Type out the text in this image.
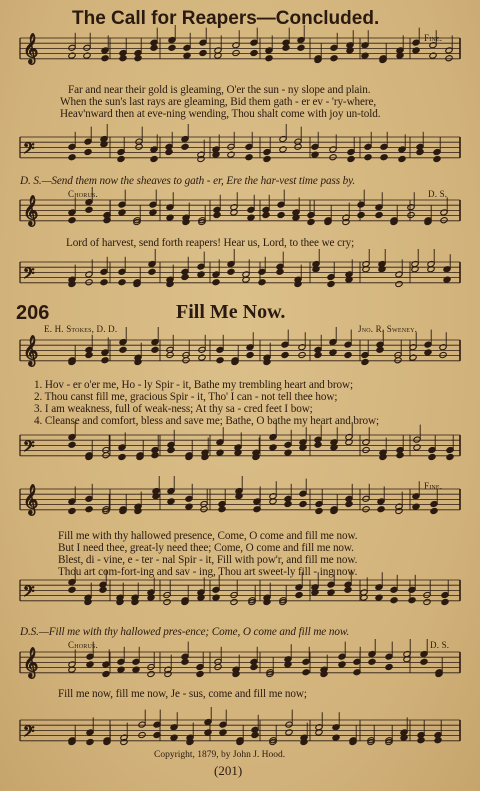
The Call for Reapers—Concluded.
𝄞
𝄢
𝄞
𝄢
𝄞
𝄢
𝄞
𝄢
𝄞
𝄢
Fine.
Far and near their gold is gleaming, O'er the sun - ny slope and plain.
When the sun's last rays are gleaming, Bid them gath - er ev - 'ry-where,
Heav'nward then at eve-ning wending, Thou shalt come with joy un-told.
D. S.—Send them now the sheaves to gath - er, Ere the har-vest time pass by.
Chorus.	D. S.
Lord of harvest, send forth reapers! Hear us, Lord, to thee we cry;
206	Fill Me Now.
E. H. Stokes, D. D.	Jno. R. Sweney.
1. Hov - er o'er me, Ho - ly Spir - it, Bathe my trembling heart and brow;
2. Thou canst fill me, gracious Spir - it, Tho' I can - not tell thee how;
3. I am weakness, full of weak-ness; At thy sa - cred feet I bow;
4. Cleanse and comfort, bless and save me; Bathe, O bathe my heart and brow;
Fine.
Fill me with thy hallowed presence, Come, O come and fill me now.
But I need thee, great-ly need thee; Come, O come and fill me now.
Blest, di - vine, e - ter - nal Spir - it, Fill with pow'r, and fill me now.
Thou art com-fort-ing and sav - ing, Thou art sweet-ly fill - ing now.
D.S.—Fill me with thy hallowed pres-ence; Come, O come and fill me now.
Chorus.	D. S.
Fill me now, fill me now, Je - sus, come and fill me now;
Copyright, 1879, by John J. Hood.
(201)
